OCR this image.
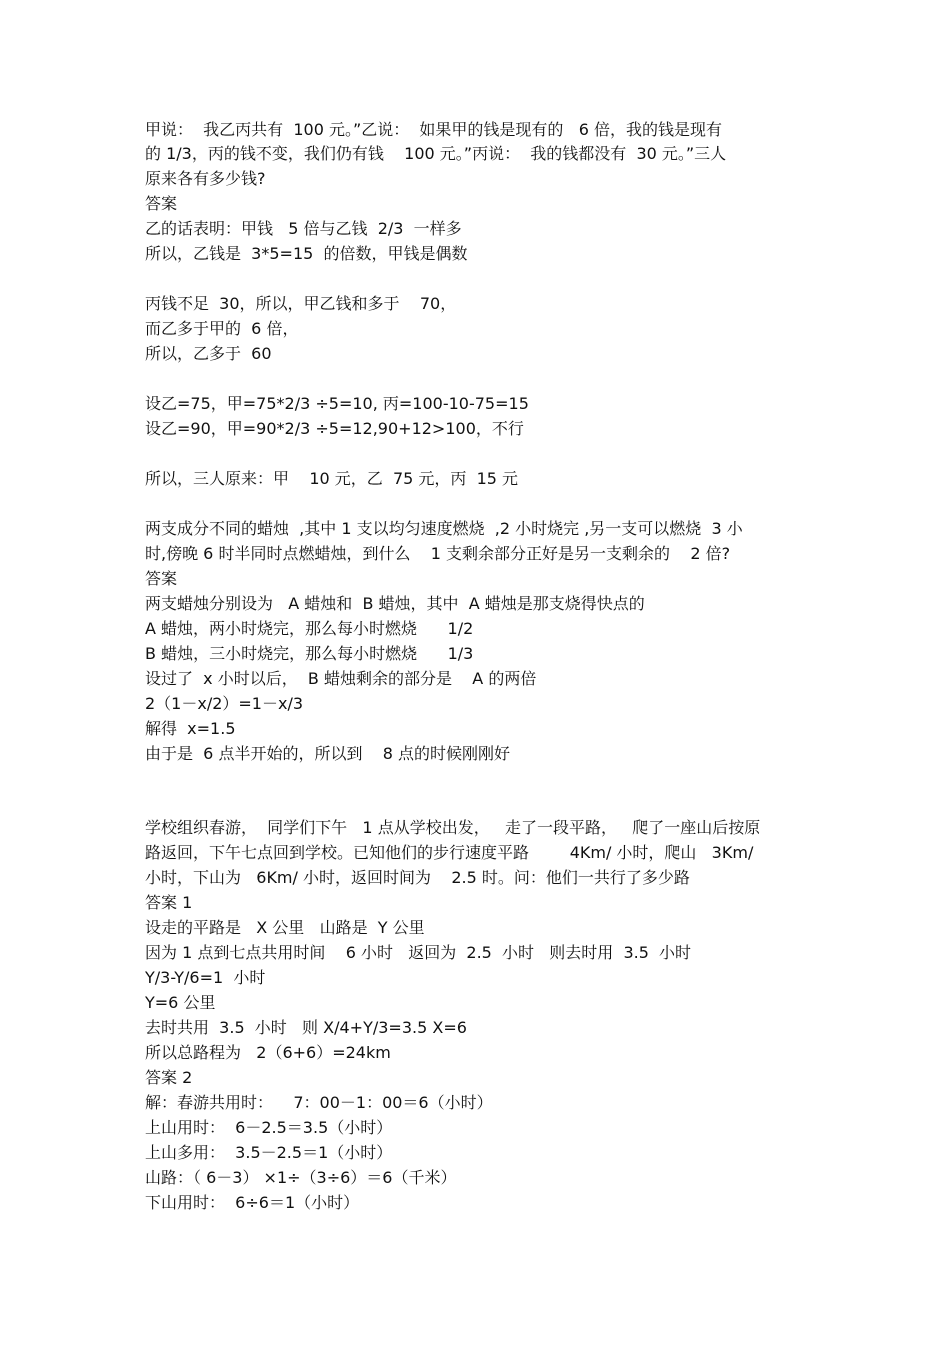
甲说：  我乙丙共有  100 元。”乙说：  如果甲的钱是现有的   6 倍，我的钱是现有
的 1/3，丙的钱不变，我们仍有钱    100 元。”丙说：  我的钱都没有  30 元。”三人
原来各有多少钱?
答案
乙的话表明：甲钱   5 倍与乙钱  2/3  一样多
所以，乙钱是  3*5=15  的倍数，甲钱是偶数
丙钱不足  30，所以，甲乙钱和多于    70，
而乙多于甲的  6 倍，
所以，乙多于  60
设乙=75，甲=75*2/3 ÷5=10, 丙=100-10-75=15
设乙=90，甲=90*2/3 ÷5=12,90+12>100，不行
所以，三人原来：甲    10 元，乙  75 元，丙  15 元
两支成分不同的蜡烛  ,其中 1 支以均匀速度燃烧  ,2 小时烧完 ,另一支可以燃烧  3 小
时,傍晚 6 时半同时点燃蜡烛，到什么    1 支剩余部分正好是另一支剩余的    2 倍?
答案
两支蜡烛分别设为   A 蜡烛和  B 蜡烛，其中  A 蜡烛是那支烧得快点的
A 蜡烛，两小时烧完，那么每小时燃烧      1/2
B 蜡烛，三小时烧完，那么每小时燃烧      1/3
设过了  x 小时以后，  B 蜡烛剩余的部分是    A 的两倍
2（1－x/2）=1－x/3
解得  x=1.5
由于是  6 点半开始的，所以到    8 点的时候刚刚好
学校组织春游，  同学们下午   1 点从学校出发，   走了一段平路，   爬了一座山后按原
路返回，下午七点回到学校。已知他们的步行速度平路        4Km/ 小时，爬山   3Km/
小时，下山为   6Km/ 小时，返回时间为    2.5 时。问：他们一共行了多少路
答案 1
设走的平路是   X 公里   山路是  Y 公里
因为 1 点到七点共用时间    6 小时   返回为  2.5  小时   则去时用  3.5  小时
Y/3-Y/6=1  小时
Y=6 公里
去时共用  3.5  小时   则 X/4+Y/3=3.5 X=6
所以总路程为   2（6+6）=24km
答案 2
解：春游共用时：    7：00－1：00＝6（小时）
上山用时：  6－2.5＝3.5（小时）
上山多用：  3.5－2.5＝1（小时）
山路：（ 6－3） ×1÷（3÷6）＝6（千米）
下山用时：  6÷6＝1（小时）
